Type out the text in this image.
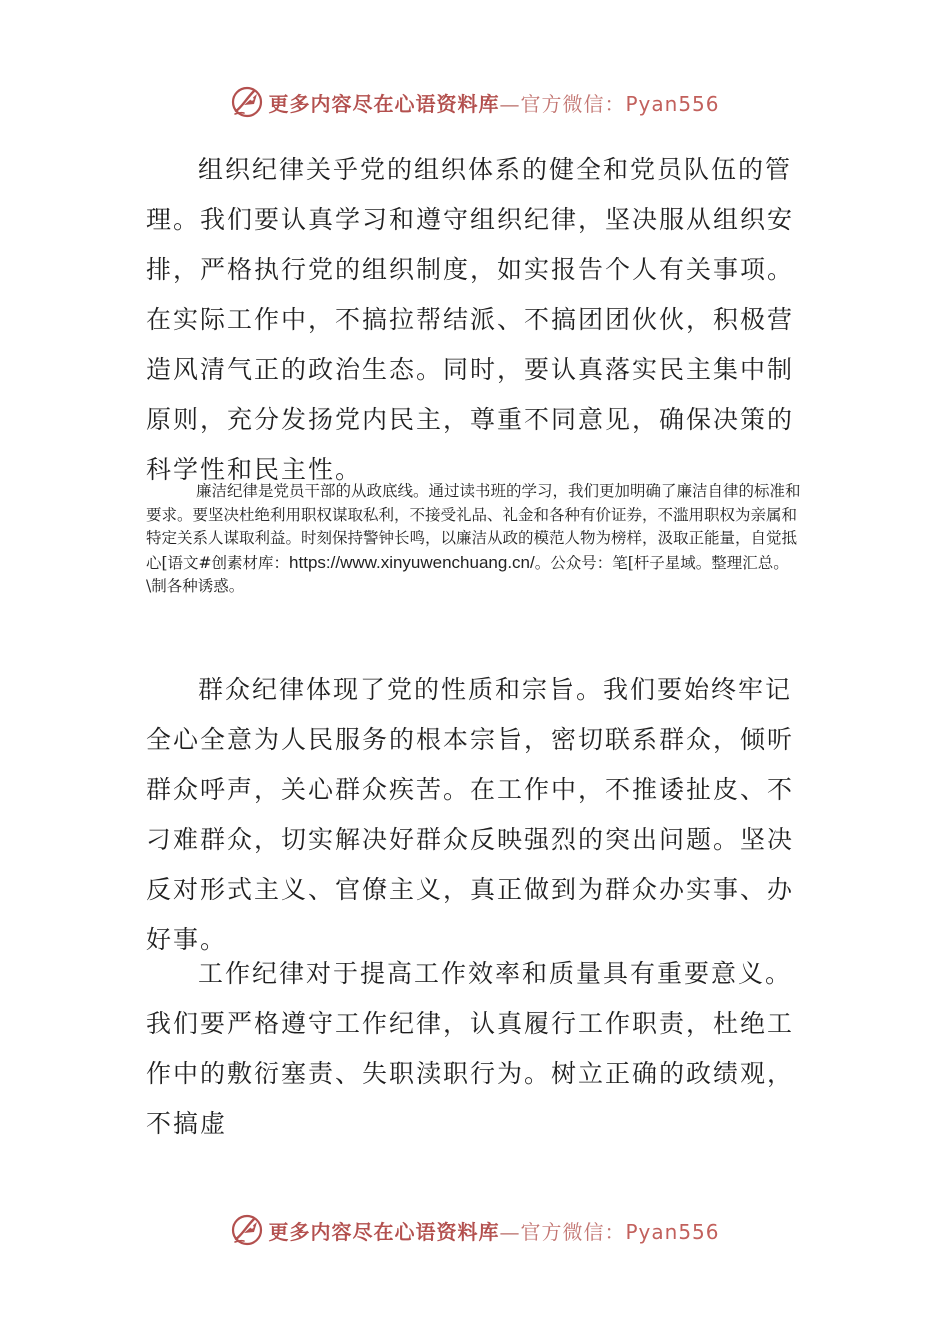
更多内容尽在心语资料库—官方微信：Pyan556

组织纪律关乎党的组织体系的健全和党员队伍的管理。我们要认真学习和遵守组织纪律，坚决服从组织安排，严格执行党的组织制度，如实报告个人有关事项。在实际工作中，不搞拉帮结派、不搞团团伙伙，积极营造风清气正的政治生态。同时，要认真落实民主集中制原则，充分发扬党内民主，尊重不同意见，确保决策的科学性和民主性。

廉洁纪律是党员干部的从政底线。通过读书班的学习，我们更加明确了廉洁自律的标准和要求。要坚决杜绝利用职权谋取私利，不接受礼品、礼金和各种有价证券，不滥用职权为亲属和特定关系人谋取利益。时刻保持警钟长鸣，以廉洁从政的模范人物为榜样，汲取正能量，自觉抵心[语文#创素材库：https://www.xinyuwenchuang.cn/。公众号：笔[杆子星域。整理汇总。\制各种诱惑。

群众纪律体现了党的性质和宗旨。我们要始终牢记全心全意为人民服务的根本宗旨，密切联系群众，倾听群众呼声，关心群众疾苦。在工作中，不推诿扯皮、不刁难群众，切实解决好群众反映强烈的突出问题。坚决反对形式主义、官僚主义，真正做到为群众办实事、办好事。

工作纪律对于提高工作效率和质量具有重要意义。我们要严格遵守工作纪律，认真履行工作职责，杜绝工作中的敷衍塞责、失职渎职行为。树立正确的政绩观，不搞虚

更多内容尽在心语资料库—官方微信：Pyan556
